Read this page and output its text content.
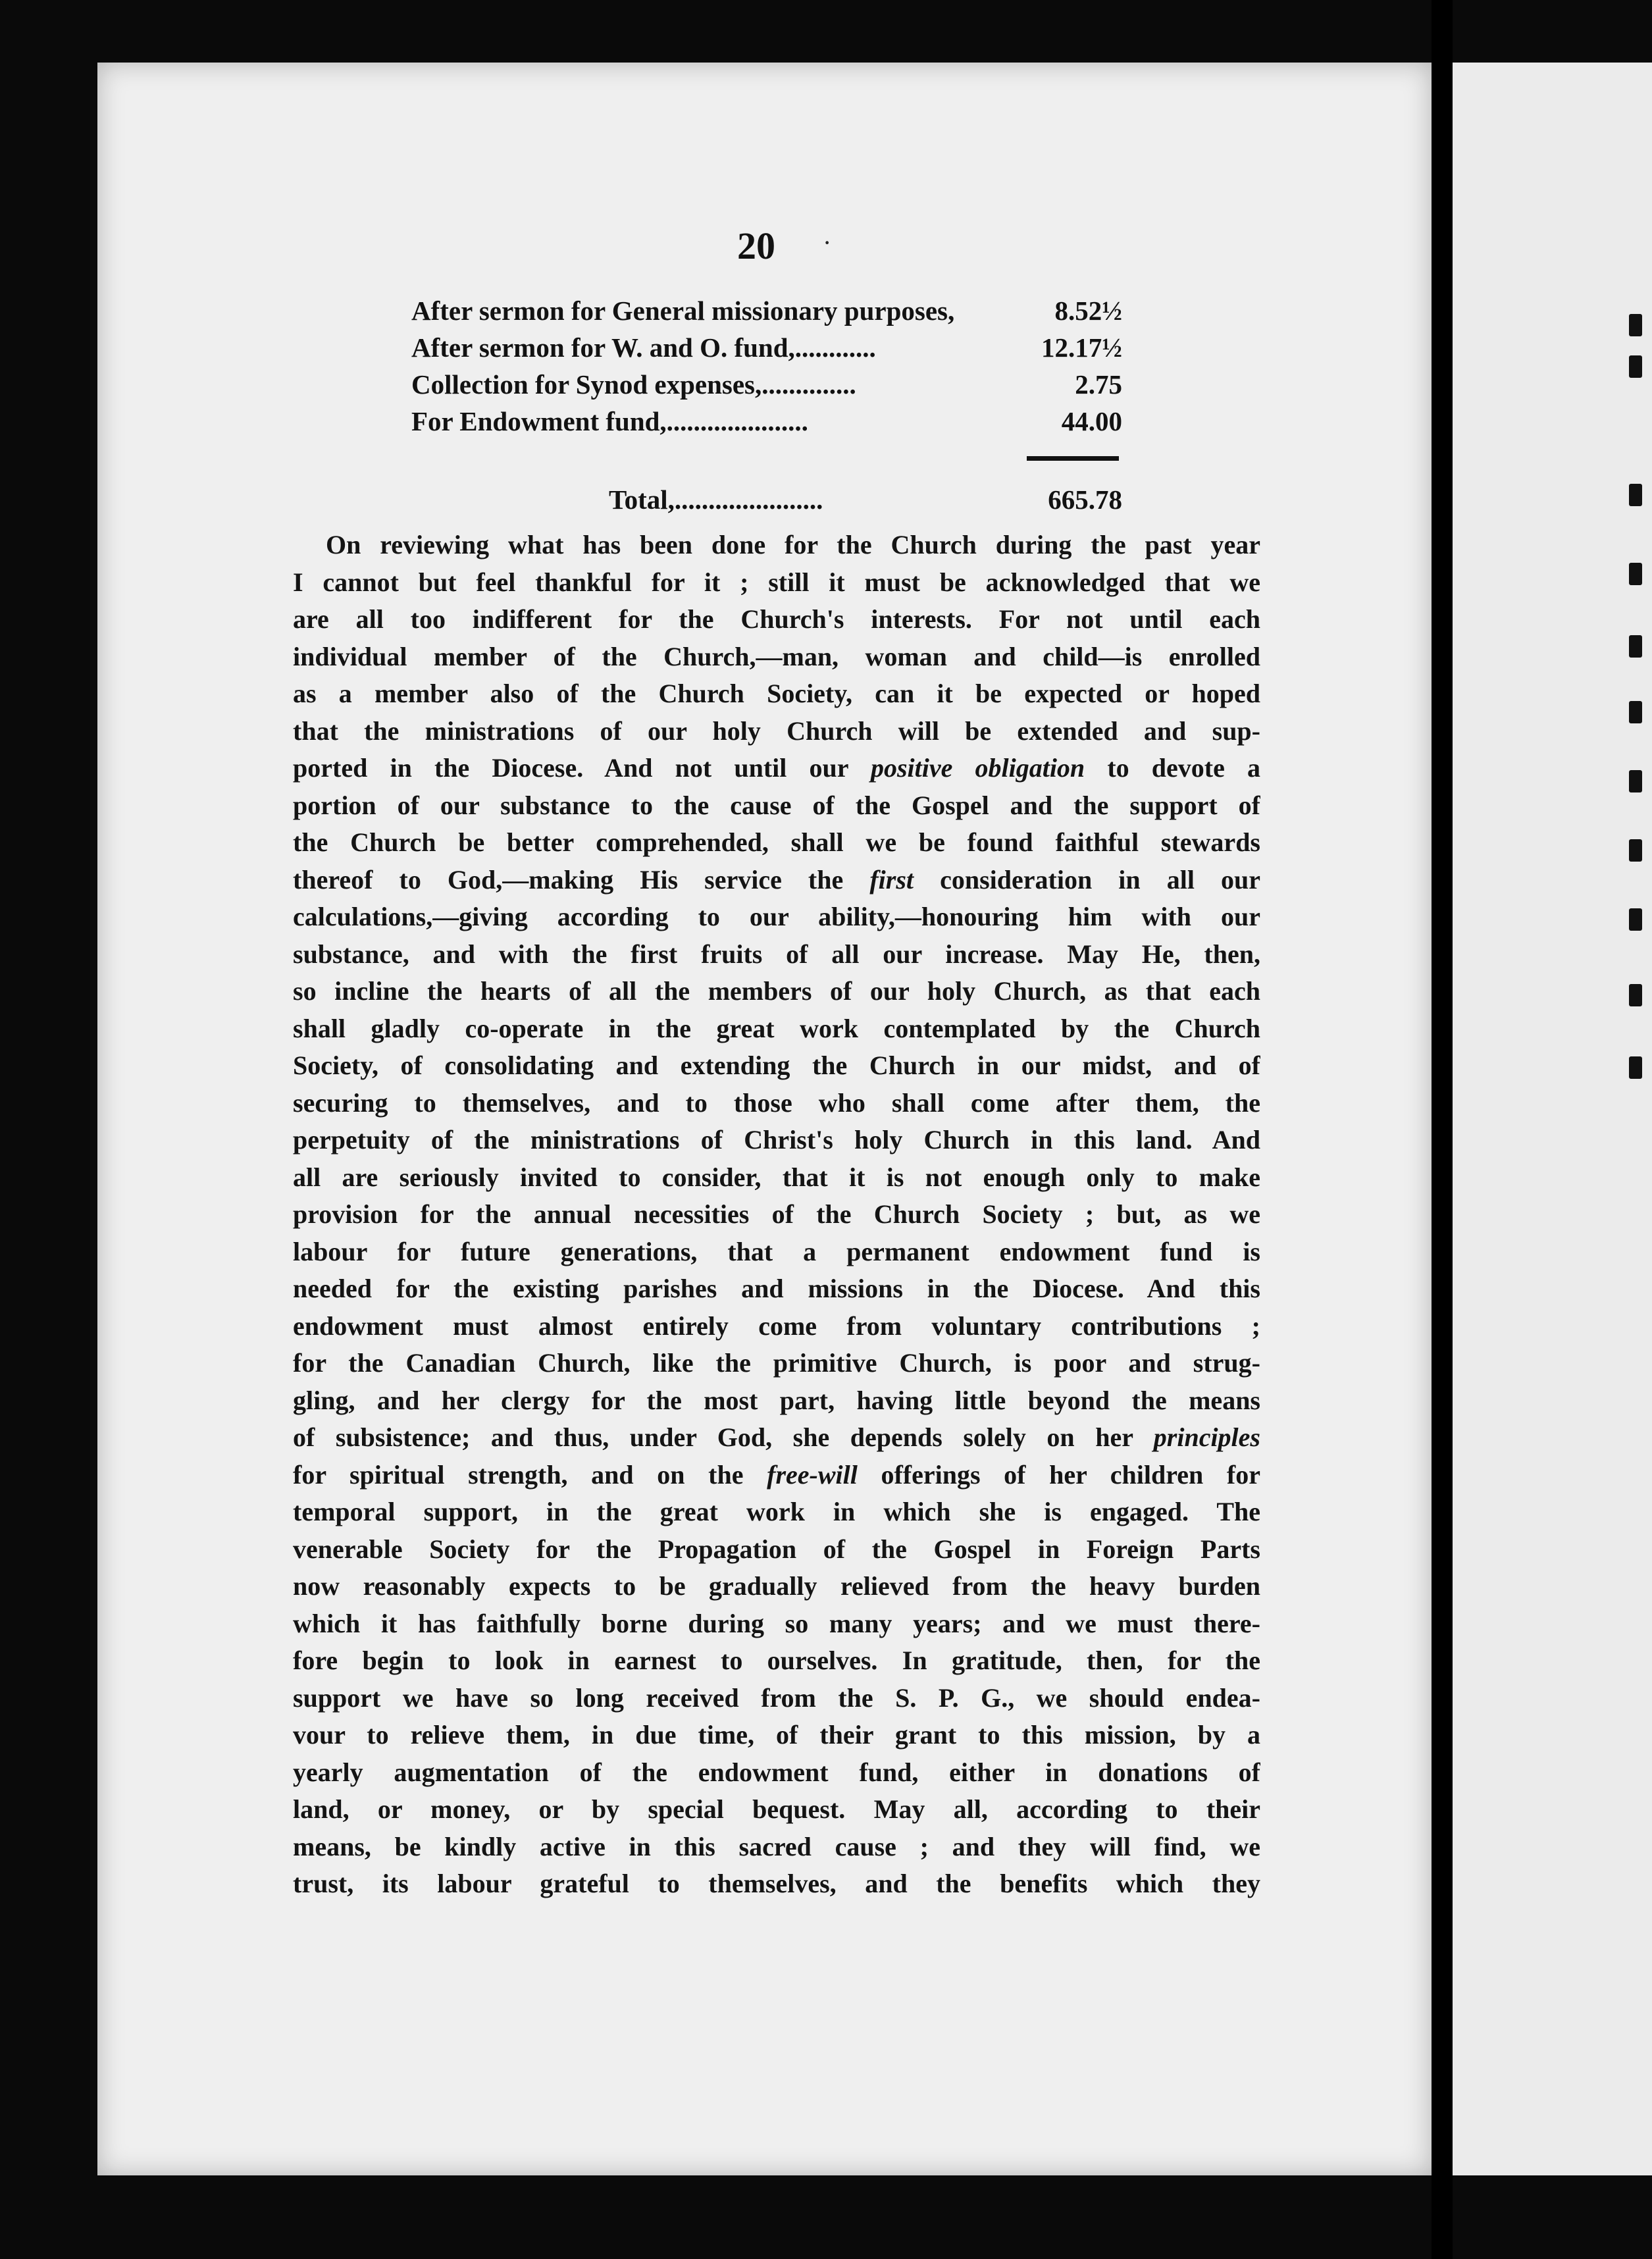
20 ·
After sermon for General missionary purposes,	8.52½
After sermon for W. and O. fund,............	12.17½
Collection for Synod expenses,..............	2.75
For Endowment fund,.....................	44.00
Total,......................	665.78
On reviewing what has been done for the Church during the past year
I cannot but feel thankful for it ; still it must be acknowledged that we
are all too indifferent for the Church's interests. For not until each
individual member of the Church,—man, woman and child—is enrolled
as a member also of the Church Society, can it be expected or hoped
that the ministrations of our holy Church will be extended and sup-
ported in the Diocese. And not until our positive obligation to devote a
portion of our substance to the cause of the Gospel and the support of
the Church be better comprehended, shall we be found faithful stewards
thereof to God,—making His service the first consideration in all our
calculations,—giving according to our ability,—honouring him with our
substance, and with the first fruits of all our increase. May He, then,
so incline the hearts of all the members of our holy Church, as that each
shall gladly co-operate in the great work contemplated by the Church
Society, of consolidating and extending the Church in our midst, and of
securing to themselves, and to those who shall come after them, the
perpetuity of the ministrations of Christ's holy Church in this land. And
all are seriously invited to consider, that it is not enough only to make
provision for the annual necessities of the Church Society ; but, as we
labour for future generations, that a permanent endowment fund is
needed for the existing parishes and missions in the Diocese. And this
endowment must almost entirely come from voluntary contributions ;
for the Canadian Church, like the primitive Church, is poor and strug-
gling, and her clergy for the most part, having little beyond the means
of subsistence; and thus, under God, she depends solely on her principles
for spiritual strength, and on the free-will offerings of her children for
temporal support, in the great work in which she is engaged. The
venerable Society for the Propagation of the Gospel in Foreign Parts
now reasonably expects to be gradually relieved from the heavy burden
which it has faithfully borne during so many years; and we must there-
fore begin to look in earnest to ourselves. In gratitude, then, for the
support we have so long received from the S. P. G., we should endea-
vour to relieve them, in due time, of their grant to this mission, by a
yearly augmentation of the endowment fund, either in donations of
land, or money, or by special bequest. May all, according to their
means, be kindly active in this sacred cause ; and they will find, we
trust, its labour grateful to themselves, and the benefits which they
